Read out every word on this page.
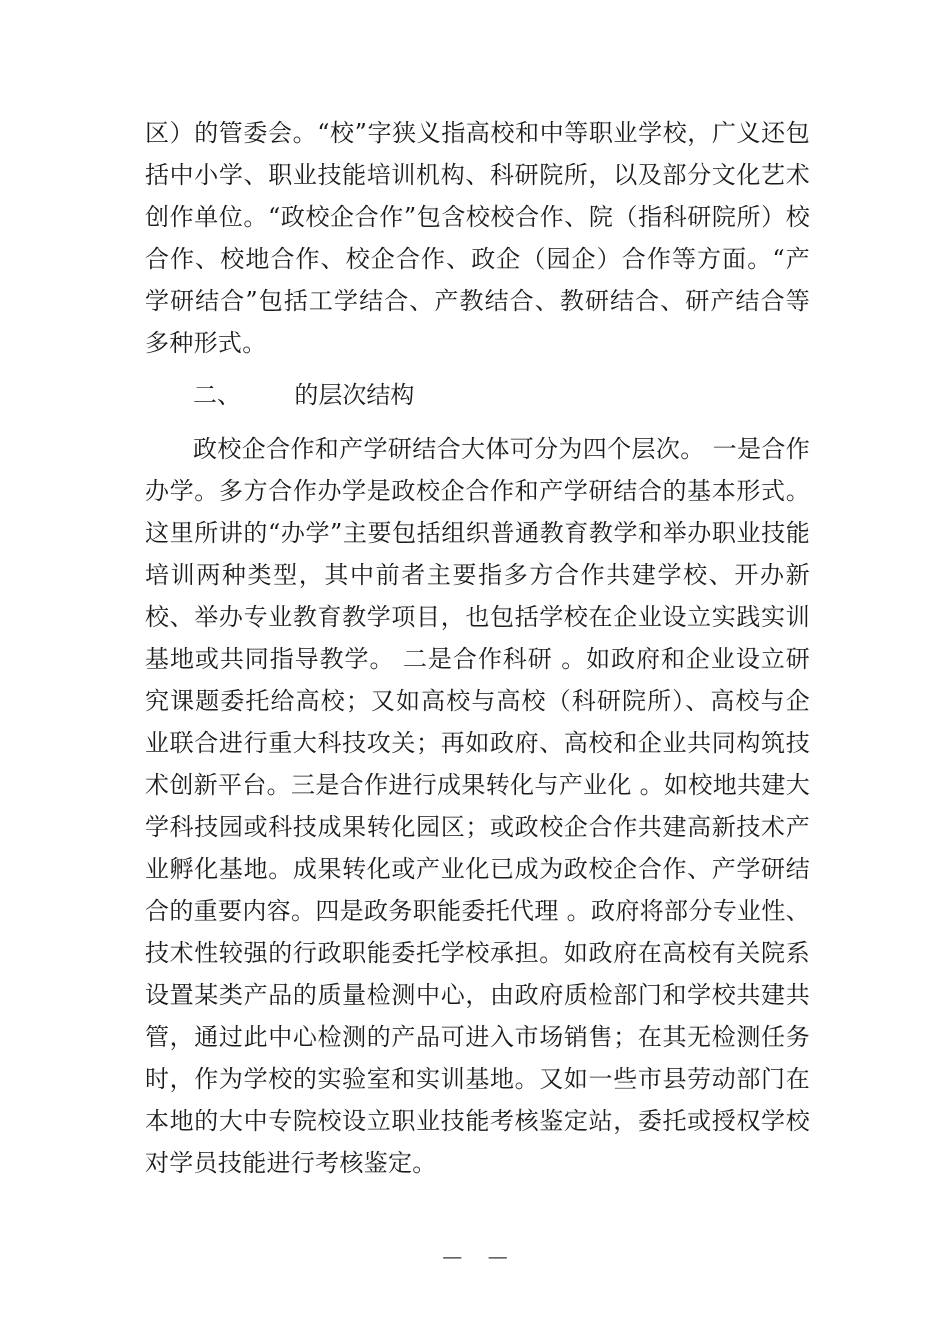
区）的管委会。“校”字狭义指高校和中等职业学校，广义还包括中小学、职业技能培训机构、科研院所，以及部分文化艺术创作单位。“政校企合作”包含校校合作、院（指科研院所）校合作、校地合作、校企合作、政企（园企）合作等方面。“产学研结合”包括工学结合、产教结合、教研结合、研产结合等多种形式。

二、       的层次结构

政校企合作和产学研结合大体可分为四个层次。 一是合作办学。多方合作办学是政校企合作和产学研结合的基本形式。这里所讲的“办学”主要包括组织普通教育教学和举办职业技能培训两种类型，其中前者主要指多方合作共建学校、开办新校、举办专业教育教学项目，也包括学校在企业设立实践实训基地或共同指导教学。 二是合作科研 。如政府和企业设立研究课题委托给高校；又如高校与高校（科研院所）、高校与企业联合进行重大科技攻关；再如政府、高校和企业共同构筑技术创新平台。三是合作进行成果转化与产业化 。如校地共建大学科技园或科技成果转化园区；或政校企合作共建高新技术产业孵化基地。成果转化或产业化已成为政校企合作、产学研结合的重要内容。四是政务职能委托代理 。政府将部分专业性、技术性较强的行政职能委托学校承担。如政府在高校有关院系设置某类产品的质量检测中心，由政府质检部门和学校共建共管，通过此中心检测的产品可进入市场销售；在其无检测任务时，作为学校的实验室和实训基地。又如一些市县劳动部门在本地的大中专院校设立职业技能考核鉴定站，委托或授权学校对学员技能进行考核鉴定。

—    —
